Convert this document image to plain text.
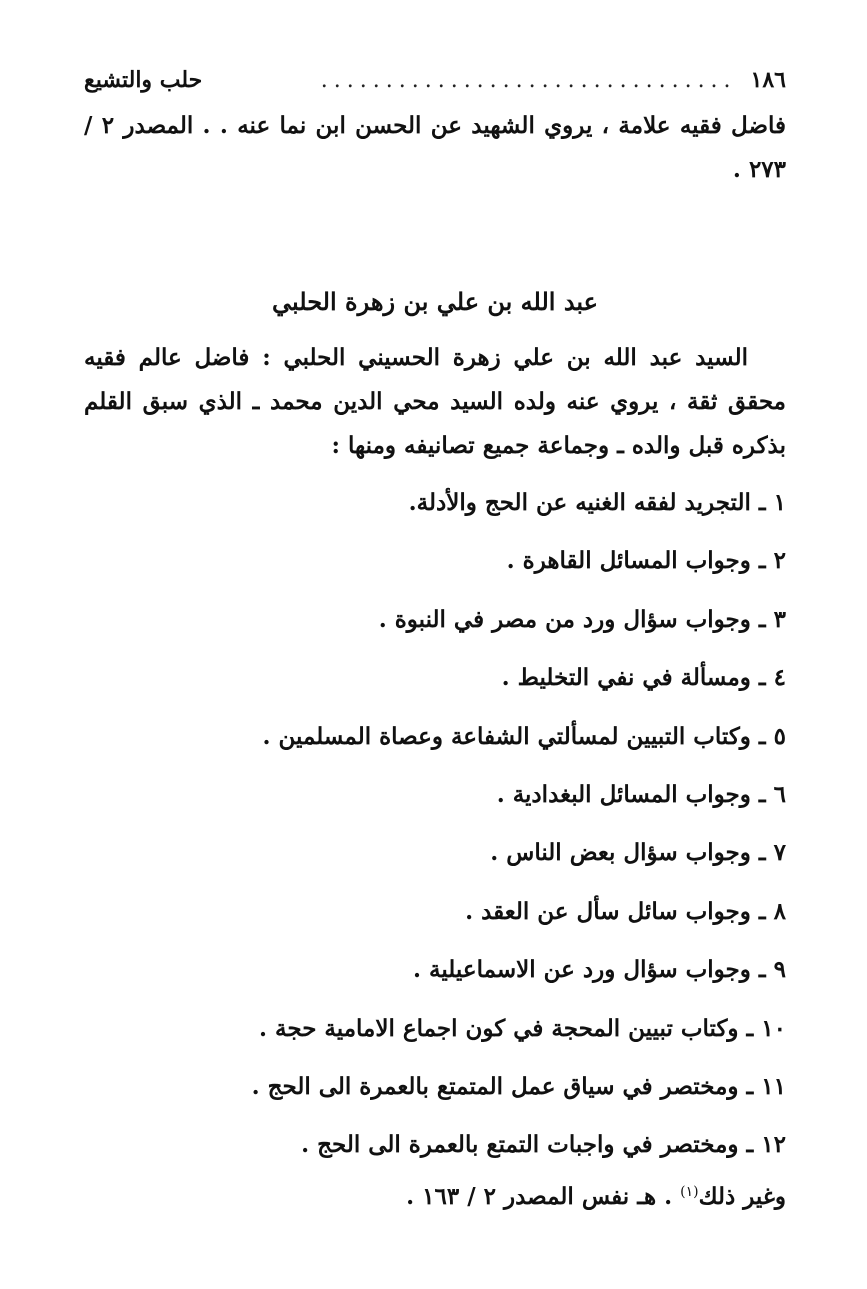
١٨٦
................................
حلب والتشيع
فاضل فقيه علامة ، يروي الشهيد عن الحسن ابن نما عنه . . المصدر ٢ / ٢٧٣ .
عبد الله بن علي بن زهرة الحلبي
السيد عبد الله بن علي زهرة الحسيني الحلبي : فاضل عالم فقيه محقق ثقة ، يروي عنه ولده السيد محي الدين محمد ـ الذي سبق القلم بذكره قبل والده ـ وجماعة جميع تصانيفه ومنها :
١ ـ التجريد لفقه الغنيه عن الحج والأدلة.
٢ ـ وجواب المسائل القاهرة .
٣ ـ وجواب سؤال ورد من مصر في النبوة .
٤ ـ ومسألة في نفي التخليط .
٥ ـ وكتاب التبيين لمسألتي الشفاعة وعصاة المسلمين .
٦ ـ وجواب المسائل البغدادية .
٧ ـ وجواب سؤال بعض الناس .
٨ ـ وجواب سائل سأل عن العقد .
٩ ـ وجواب سؤال ورد عن الاسماعيلية .
١٠ ـ وكتاب تبيين المحجة في كون اجماع الامامية حجة .
١١ ـ ومختصر في سياق عمل المتمتع بالعمرة الى الحج .
١٢ ـ ومختصر في واجبات التمتع بالعمرة الى الحج .
وغير ذلك$^{(١)}$ . هـ نفس المصدر ٢ / ١٦٣ .
